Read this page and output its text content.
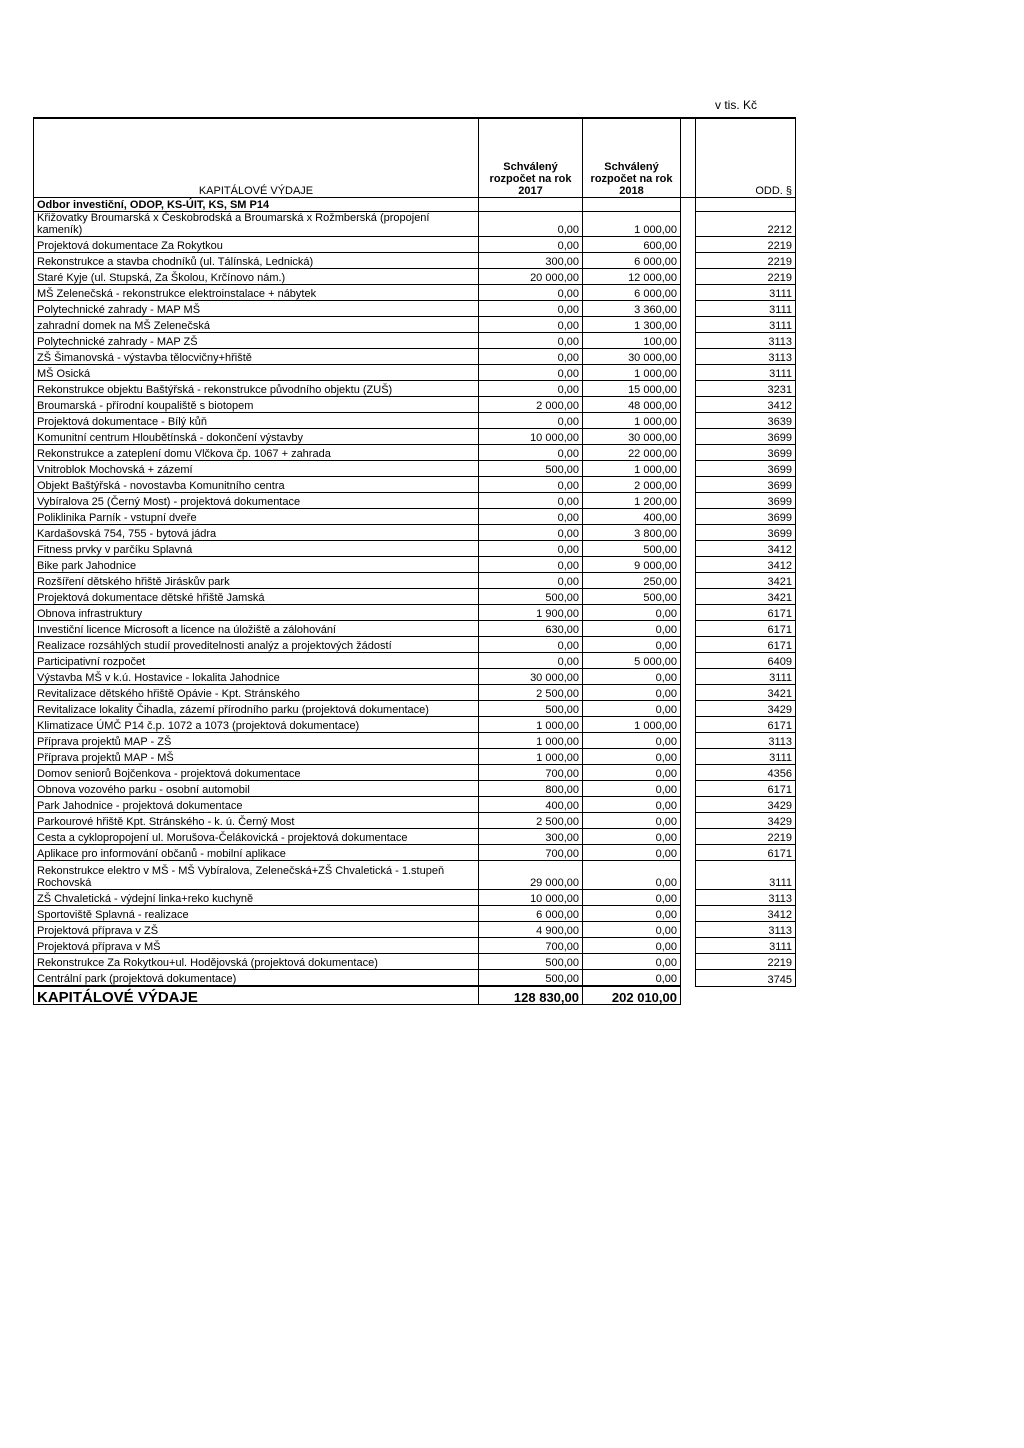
v tis. Kč
KAPITÁLOVÉ VÝDAJE	Schválený rozpočet na rok 2017	Schválený rozpočet na rok 2018		ODD. §
Odbor investiční, ODOP, KS-ÚIT, KS, SM P14				
Křižovatky Broumarská x Českobrodská a Broumarská x Rožmberská (propojení kameník)	0,00	1 000,00		2212
Projektová dokumentace Za Rokytkou	0,00	600,00		2219
Rekonstrukce a stavba chodníků (ul. Tálínská, Lednická)	300,00	6 000,00		2219
Staré Kyje (ul. Stupská, Za Školou, Krčínovo nám.)	20 000,00	12 000,00		2219
MŠ Zelenečská - rekonstrukce elektroinstalace + nábytek	0,00	6 000,00		3111
Polytechnické zahrady - MAP MŠ	0,00	3 360,00		3111
zahradní domek na MŠ Zelenečská	0,00	1 300,00		3111
Polytechnické zahrady - MAP ZŠ	0,00	100,00		3113
ZŠ Šimanovská - výstavba tělocvičny+hřiště	0,00	30 000,00		3113
MŠ Osická	0,00	1 000,00		3111
Rekonstrukce objektu Baštýřská - rekonstrukce původního objektu (ZUŠ)	0,00	15 000,00		3231
Broumarská - přírodní koupaliště s biotopem	2 000,00	48 000,00		3412
Projektová dokumentace - Bílý kůň	0,00	1 000,00		3639
Komunitní centrum Hloubětínská - dokončení výstavby	10 000,00	30 000,00		3699
Rekonstrukce a zateplení domu Vlčkova čp. 1067 + zahrada	0,00	22 000,00		3699
Vnitroblok Mochovská + zázemí	500,00	1 000,00		3699
Objekt Baštýřská - novostavba Komunitního centra	0,00	2 000,00		3699
Vybíralova 25 (Černý Most) - projektová dokumentace	0,00	1 200,00		3699
Poliklinika Parník - vstupní dveře	0,00	400,00		3699
Kardašovská 754, 755 - bytová jádra	0,00	3 800,00		3699
Fitness prvky v parčíku Splavná	0,00	500,00		3412
Bike park Jahodnice	0,00	9 000,00		3412
Rozšíření dětského hřiště Jiráskův park	0,00	250,00		3421
Projektová dokumentace dětské hřiště Jamská	500,00	500,00		3421
Obnova infrastruktury	1 900,00	0,00		6171
Investiční licence Microsoft a licence na úložiště a zálohování	630,00	0,00		6171
Realizace rozsáhlých studií proveditelnosti analýz a projektových žádostí	0,00	0,00		6171
Participativní rozpočet	0,00	5 000,00		6409
Výstavba MŠ v k.ú. Hostavice - lokalita Jahodnice	30 000,00	0,00		3111
Revitalizace dětského hřiště Opávie - Kpt. Stránského	2 500,00	0,00		3421
Revitalizace lokality Čihadla, zázemí přírodního parku (projektová dokumentace)	500,00	0,00		3429
Klimatizace ÚMČ P14 č.p. 1072 a 1073 (projektová dokumentace)	1 000,00	1 000,00		6171
Příprava projektů MAP - ZŠ	1 000,00	0,00		3113
Příprava projektů MAP - MŠ	1 000,00	0,00		3111
Domov seniorů Bojčenkova - projektová dokumentace	700,00	0,00		4356
Obnova vozového parku - osobní automobil	800,00	0,00		6171
Park Jahodnice - projektová dokumentace	400,00	0,00		3429
Parkourové hřiště Kpt. Stránského - k. ú. Černý Most	2 500,00	0,00		3429
Cesta a cyklopropojení ul. Morušova-Čelákovická - projektová dokumentace	300,00	0,00		2219
Aplikace pro informování občanů - mobilní aplikace	700,00	0,00		6171
Rekonstrukce elektro v MŠ - MŠ Vybíralova, Zelenečská+ZŠ Chvaletická - 1.stupeň Rochovská	29 000,00	0,00		3111
ZŠ Chvaletická - výdejní linka+reko kuchyně	10 000,00	0,00		3113
Sportoviště Splavná - realizace	6 000,00	0,00		3412
Projektová příprava v ZŠ	4 900,00	0,00		3113
Projektová příprava v MŠ	700,00	0,00		3111
Rekonstrukce Za Rokytkou+ul. Hodějovská (projektová dokumentace)	500,00	0,00		2219
Centrální park (projektová dokumentace)	500,00	0,00		3745
KAPITÁLOVÉ VÝDAJE	128 830,00	202 010,00		
